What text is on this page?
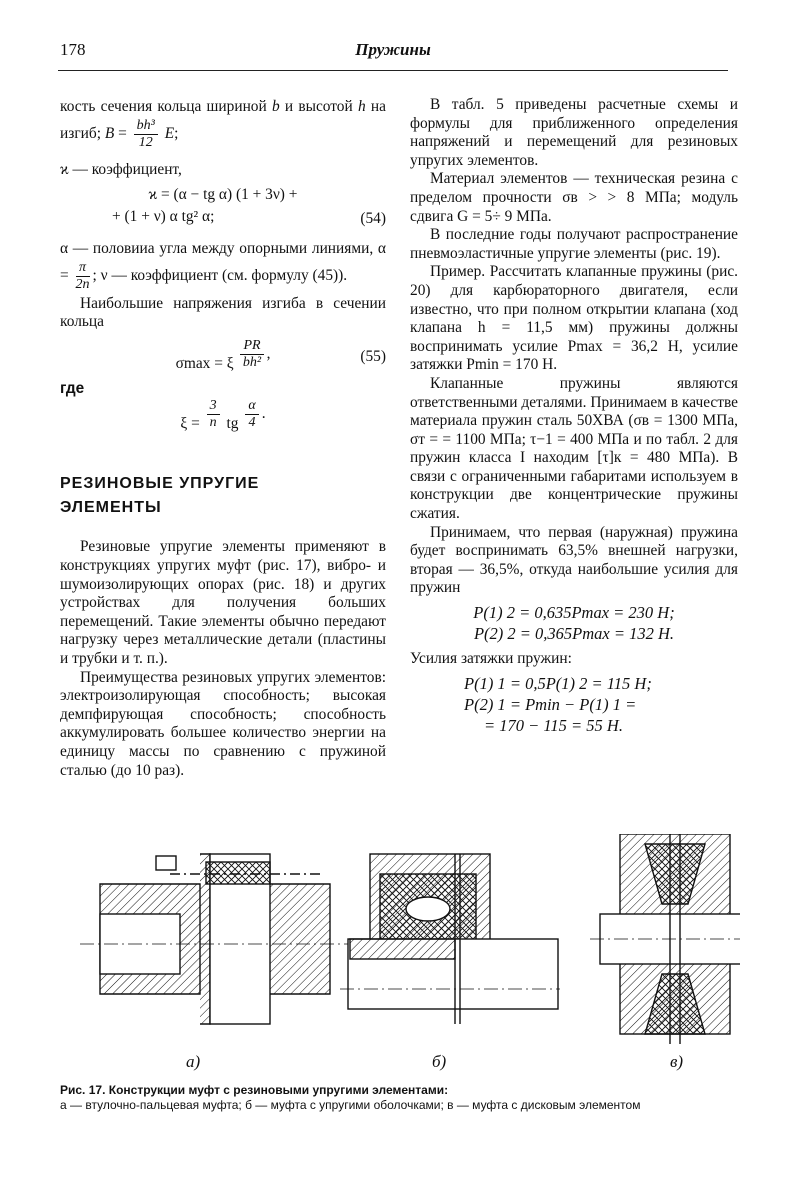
178	Пружины

кость сечения кольца шириной b и высотой h на изгиб; $B = \frac{\text{bh³}}{12} E$;

ϰ — коэффициент,

ϰ = (α − tg α) (1 + 3ν) +
+ (1 + ν) α tg² α;	(54)

α — половииа угла между опорными линиями, $\alpha = \frac{\pi}{2n}$ ; ν — коэффициент (см. формулу (45)).

Наибольшие напряжения изгиба в сечении кольца

σmax = ξ $\frac{PR}{\text{bh²}}$ ,	(55)

где

$\xi = \frac{3}{n}$ tg $\frac{\alpha}{4}$ .
РЕЗИНОВЫЕ УПРУГИЕ
ЭЛЕМЕНТЫ

Резиновые упругие элементы применяют в конструкциях упругих муфт (рис. 17), вибро- и шумоизолирующих опорах (рис. 18) и других устройствах для получения больших перемещений. Такие элементы обычно передают нагрузку через металлические детали (пластины и трубки и т. п.).

Преимущества резиновых упругих элементов: электроизолирующая способность; высокая демпфирующая способность; способность аккумулировать большее количество энергии на единицу массы по сравнению с пружиной сталью (до 10 раз).

В табл. 5 приведены расчетные схемы и формулы для приближенного определения напряжений и перемещений для резиновых упругих элементов.

Материал элементов — техническая резина с пределом прочности σв > > 8 МПа; модуль сдвига G = 5÷ 9 МПа.

В последние годы получают распространение пневмоэластичные упругие элементы (рис. 19).

Пример. Рассчитать клапанные пружины (рис. 20) для карбюраторного двигателя, если известно, что при полном открытии клапана (ход клапана h = 11,5 мм) пружины должны воспринимать усилие Pmax = 36,2 Н, усилие затяжки Pmin = 170 Н.

Клапанные пружины являются ответственными деталями. Принимаем в качестве материала пружин сталь 50ХВА (σв = 1300 МПа, σт = = 1100 МПа; τ−1 = 400 МПа и по табл. 2 для пружин класса I находим [τ]к = 480 МПа). В связи с ограниченными габаритами используем в конструкции две концентрические пружины сжатия.

Принимаем, что первая (наружная) пружина будет воспринимать 63,5% внешней нагрузки, вторая — 36,5%, откуда наибольшие усилия для пружин

P(1) 2 = 0,635Pmax = 230 Н;
P(2) 2 = 0,365Pmax = 132 Н.

Усилия затяжки пружин:

P(1) 1 = 0,5P(1) 2 = 115 Н;
P(2) 1 = Pmin − P(1) 1 =
= 170 − 115 = 55 Н.
а)	б)	в)
Рис. 17. Конструкции муфт с резиновыми упругими элементами:
а — втулочно-пальцевая муфта; б — муфта с упругими оболочками; в — муфта с дисковым элементом
